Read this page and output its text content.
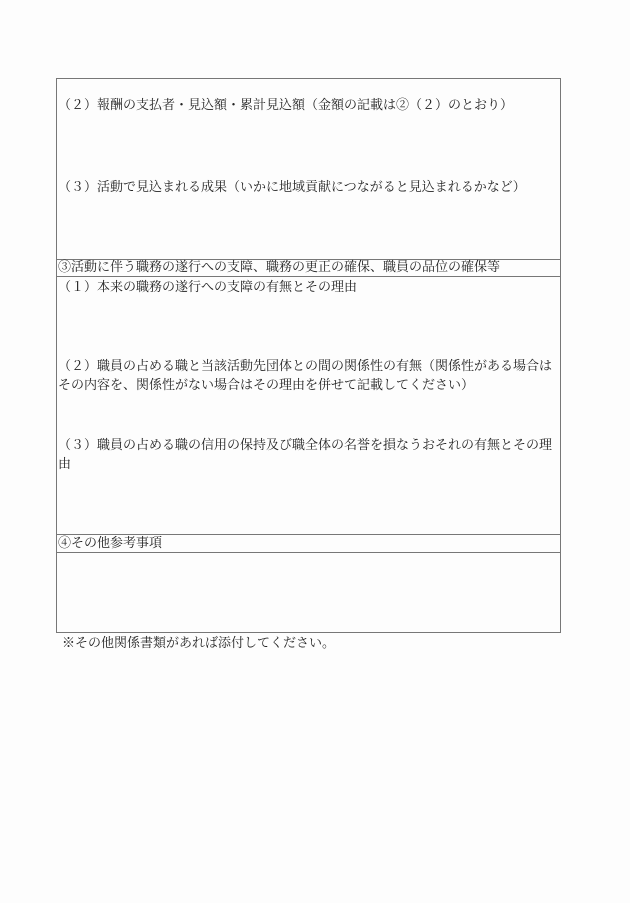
（２）報酬の支払者・見込額・累計見込額（金額の記載は②（２）のとおり）
（３）活動で見込まれる成果（いかに地域貢献につながると見込まれるかなど）
③活動に伴う職務の遂行への支障、職務の更正の確保、職員の品位の確保等
（１）本来の職務の遂行への支障の有無とその理由
（２）職員の占める職と当該活動先団体との間の関係性の有無（関係性がある場合はその内容を、関係性がない場合はその理由を併せて記載してください）
（３）職員の占める職の信用の保持及び職全体の名誉を損なうおそれの有無とその理由
④その他参考事項
※その他関係書類があれば添付してください。
